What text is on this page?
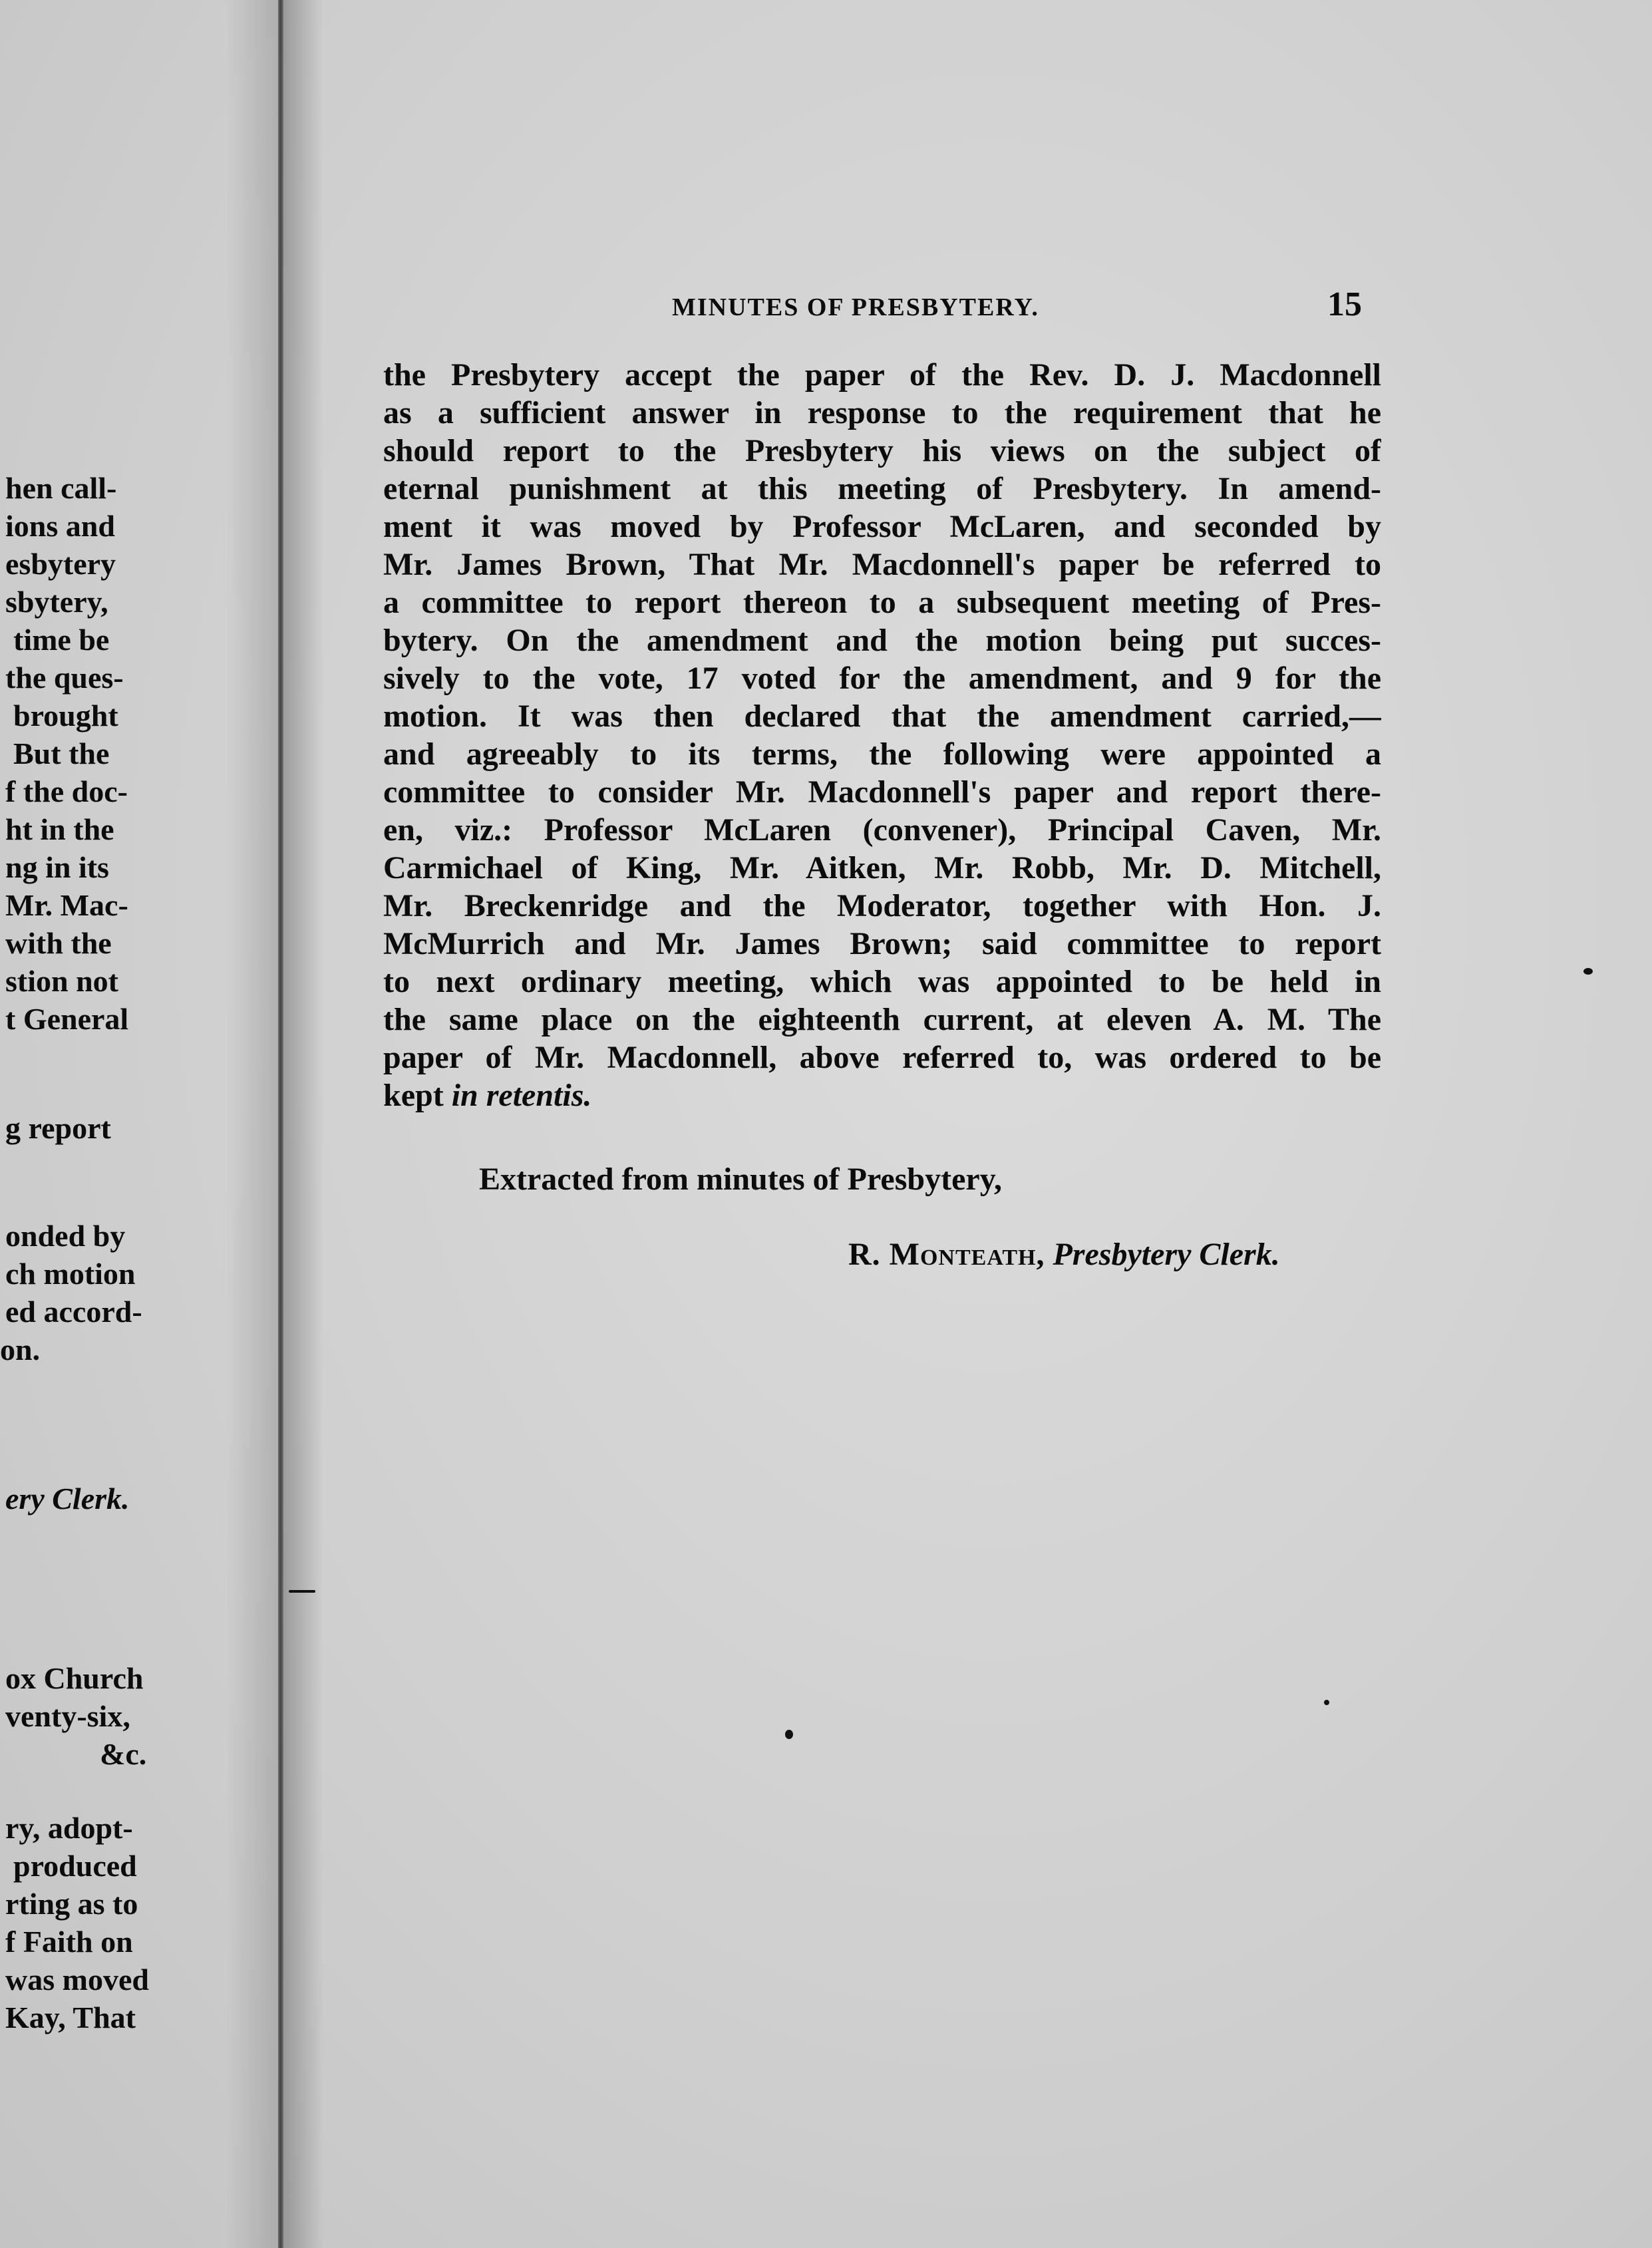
hen call-
ions and
esbytery
sbytery,
time be
the ques-
brought
But the
f the doc-
ht in the
ng in its
Mr. Mac-
with the
stion not
t General
g report
onded by
ch motion
ed accord-
on.
ery Clerk.
ox Church
venty-six,
&c.
ry, adopt-
produced
rting as to
f Faith on
was moved
Kay, That
MINUTES OF PRESBYTERY.	15
the Presbytery accept the paper of the Rev. D. J. Macdonnell
as a sufficient answer in response to the requirement that he
should report to the Presbytery his views on the subject of
eternal punishment at this meeting of Presbytery. In amend-
ment it was moved by Professor McLaren, and seconded by
Mr. James Brown, That Mr. Macdonnell's paper be referred to
a committee to report thereon to a subsequent meeting of Pres-
bytery. On the amendment and the motion being put succes-
sively to the vote, 17 voted for the amendment, and 9 for the
motion. It was then declared that the amendment carried,—
and agreeably to its terms, the following were appointed a
committee to consider Mr. Macdonnell's paper and report there-
en, viz.: Professor McLaren (convener), Principal Caven, Mr.
Carmichael of King, Mr. Aitken, Mr. Robb, Mr. D. Mitchell,
Mr. Breckenridge and the Moderator, together with Hon. J.
McMurrich and Mr. James Brown; said committee to report
to next ordinary meeting, which was appointed to be held in
the same place on the eighteenth current, at eleven A. M. The
paper of Mr. Macdonnell, above referred to, was ordered to be
kept in retentis.
Extracted from minutes of Presbytery,
R. Monteath, Presbytery Clerk.
